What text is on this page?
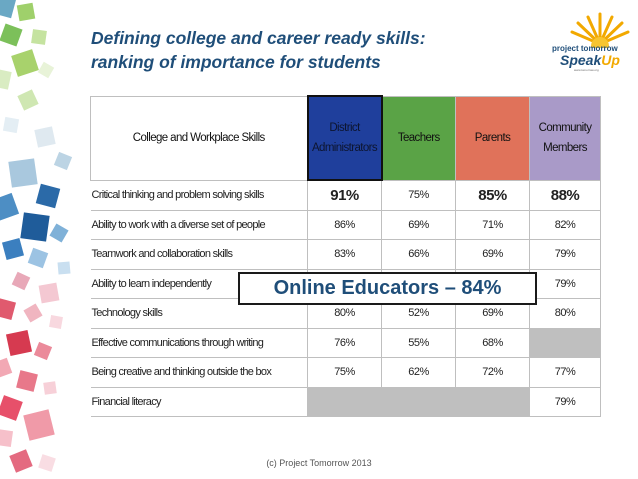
Defining college and career ready skills:
ranking of importance for students
project tomorrow
SpeakUp
www.tomorrow.org
College and Workplace Skills	District Administrators	Teachers	Parents	Community Members
Critical thinking and problem solving skills	91%	75%	85%	88%
Ability to work with a diverse set of people	86%	69%	71%	82%
Teamwork and collaboration skills	83%	66%	69%	79%
Ability to learn independently				79%
Technology skills	80%	52%	69%	80%
Effective communications through writing	76%	55%	68%	
Being creative and thinking outside the box	75%	62%	72%	77%
Financial literacy				79%
Online Educators – 84%
(c) Project Tomorrow 2013
